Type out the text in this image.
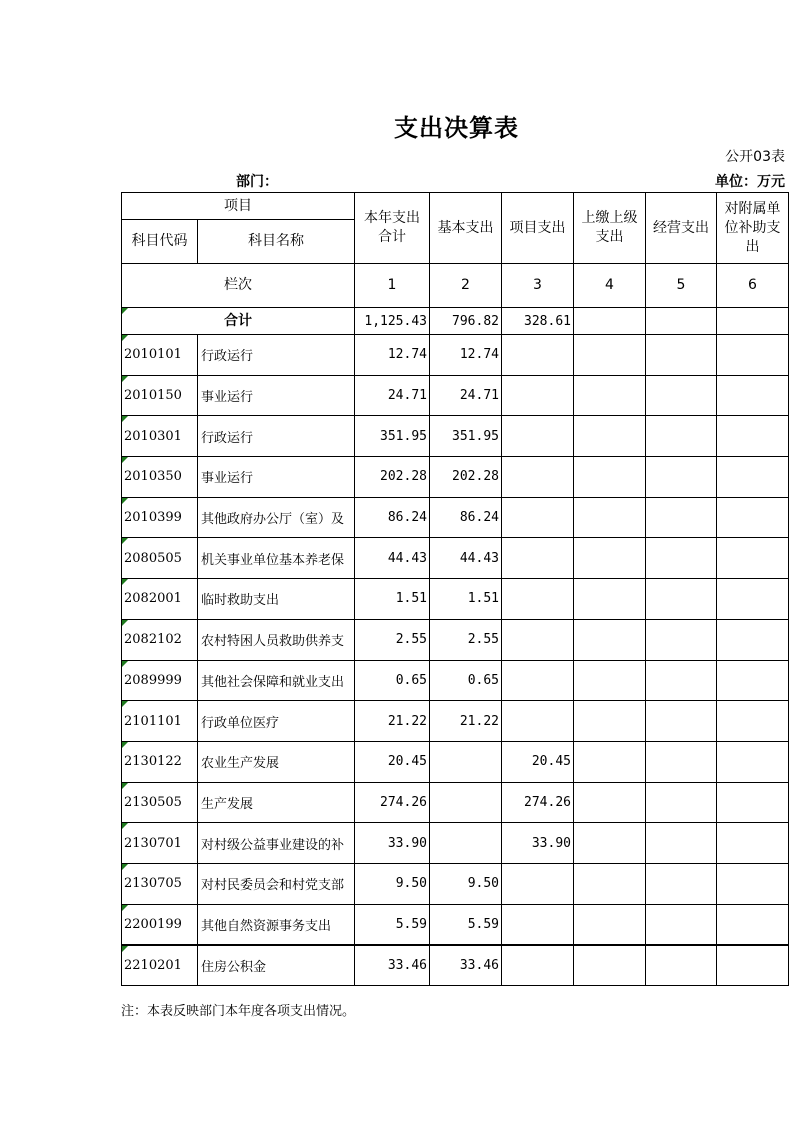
支出决算表
公开03表
部门：	单位：万元
项目		本年支出合计	基本支出	项目支出	上缴上级支出	经营支出	对附属单位补助支出
科目代码	科目名称						
栏次		1	2	3	4	5	6
合计		1,125.43	796.82	328.61			
2010101	行政运行	12.74	12.74				
2010150	事业运行	24.71	24.71				
2010301	行政运行	351.95	351.95				
2010350	事业运行	202.28	202.28				
2010399	其他政府办公厅（室）及	86.24	86.24				
2080505	机关事业单位基本养老保	44.43	44.43				
2082001	临时救助支出	1.51	1.51				
2082102	农村特困人员救助供养支	2.55	2.55				
2089999	其他社会保障和就业支出	0.65	0.65				
2101101	行政单位医疗	21.22	21.22				
2130122	农业生产发展	20.45		20.45			
2130505	生产发展	274.26		274.26			
2130701	对村级公益事业建设的补	33.90		33.90			
2130705	对村民委员会和村党支部	9.50	9.50				
2200199	其他自然资源事务支出	5.59	5.59				
2210201	住房公积金	33.46	33.46				
注：本表反映部门本年度各项支出情况。
